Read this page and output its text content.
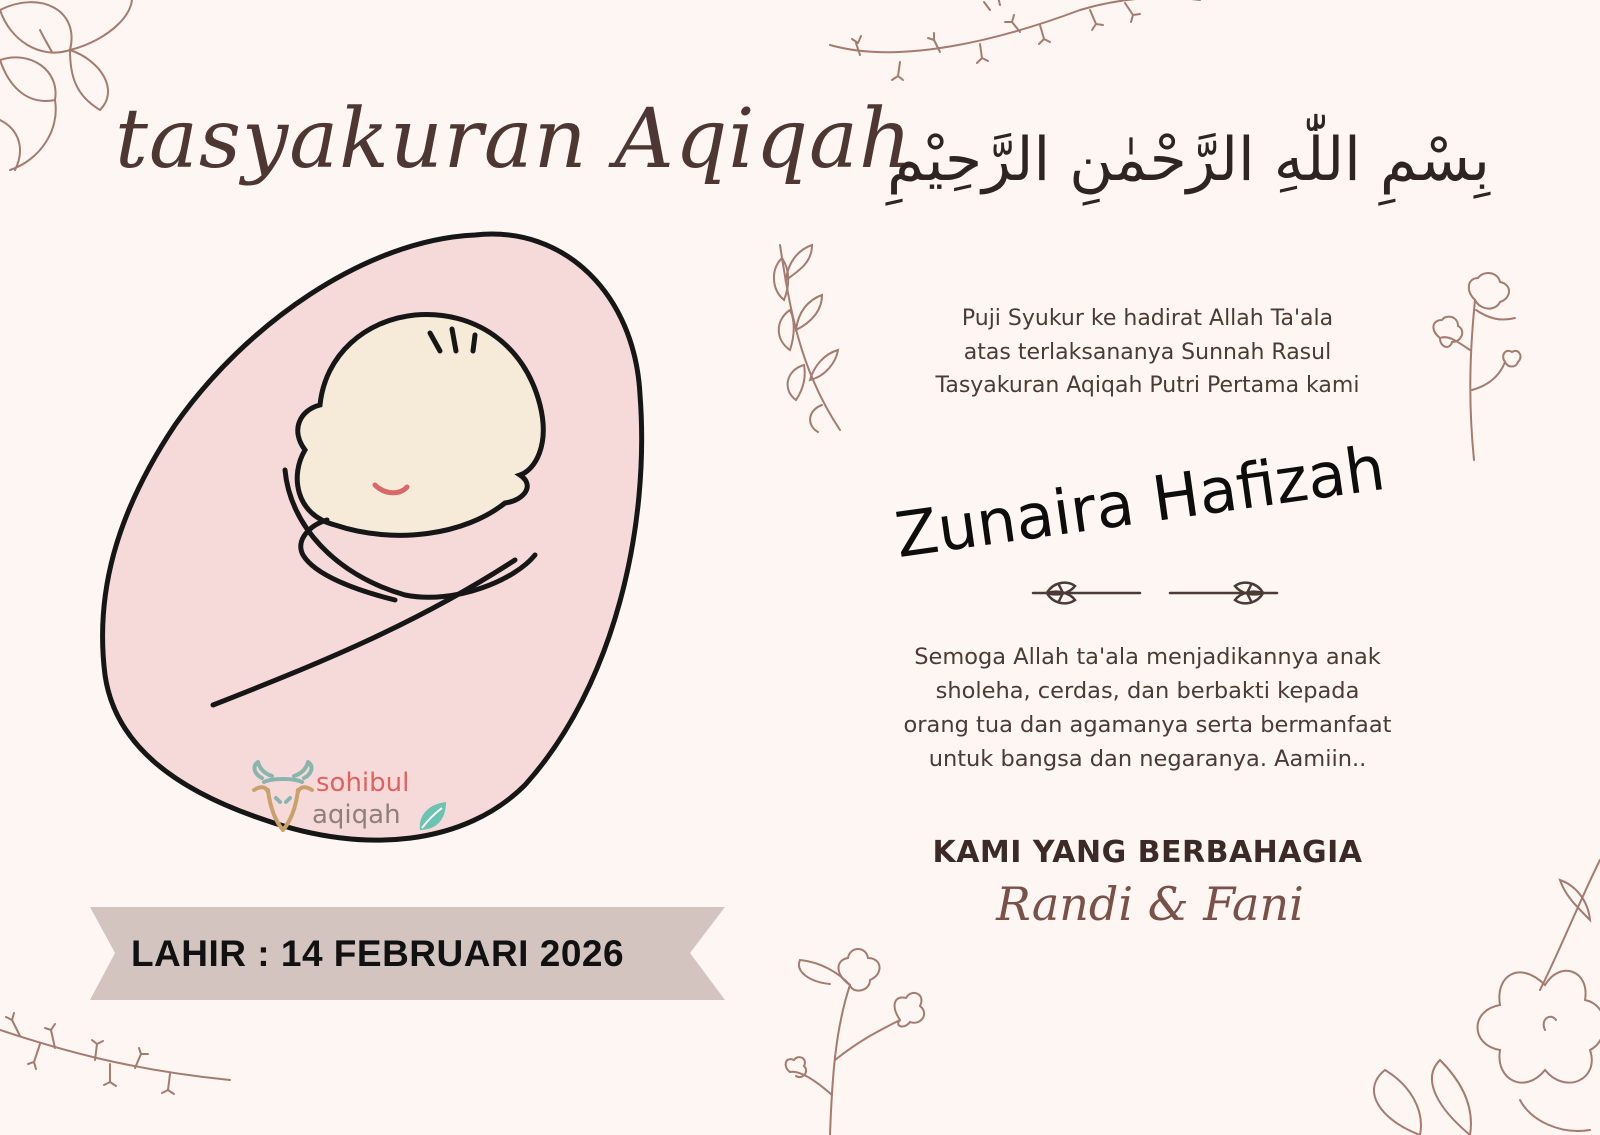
tasyakuran Aqiqah
بِسْمِ اللّٰهِ الرَّحْمٰنِ الرَّحِيْمِ
sohibul
aqiqah
LAHIR : 14 FEBRUARI 2026
Puji Syukur ke hadirat Allah Ta'ala
atas terlaksananya Sunnah Rasul
Tasyakuran Aqiqah Putri Pertama kami
Zunaira Hafizah
Semoga Allah ta'ala menjadikannya anak
sholeha, cerdas, dan berbakti kepada
orang tua dan agamanya serta bermanfaat
untuk bangsa dan negaranya. Aamiin..
KAMI YANG BERBAHAGIA
Randi & Fani
